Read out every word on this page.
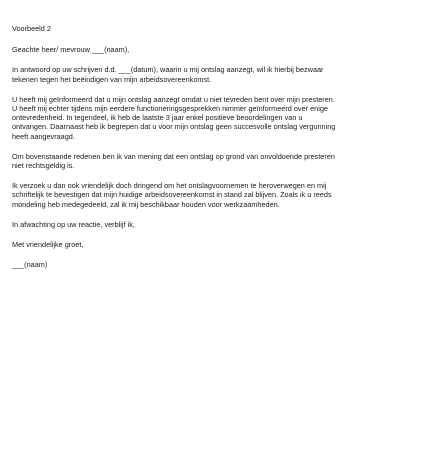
Voorbeeld 2

Geachte heer/ mevrouw ___(naam),

In antwoord op uw schrijven d.d. ___(datum), waarin u mij ontslag aanzegt, wil ik hierbij bezwaar
tekenen tegen het beëindigen van mijn arbeidsovereenkomst.

U heeft mij geïnformeerd dat u mijn ontslag aanzegt omdat u niet tevreden bent over mijn presteren.
U heeft mij echter tijdens mijn eerdere functioneringsgesprekken nimmer geïnformeerd over enige
ontevredenheid. In tegendeel, ik heb de laatste 3 jaar enkel positieve beoordelingen van u
ontvangen. Daarnaast heb ik begrepen dat u voor mijn ontslag geen succesvolle ontslag vergunning
heeft aangevraagd.

Om bovenstaande redenen ben ik van mening dat een ontslag op grond van onvoldoende presteren
niet rechtsgeldig is.

Ik verzoek u dan ook vriendelijk doch dringend om het ontslagvoornemen te heroverwegen en mij
schriftelijk te bevestigen dat mijn huidige arbeidsovereenkomst in stand zal blijven. Zoals ik u reeds
mondeling heb medegedeeld, zal ik mij beschikbaar houden voor werkzaamheden.

In afwachting op uw reactie, verblijf ik,

Met vriendelijke groet,

___(naam)
